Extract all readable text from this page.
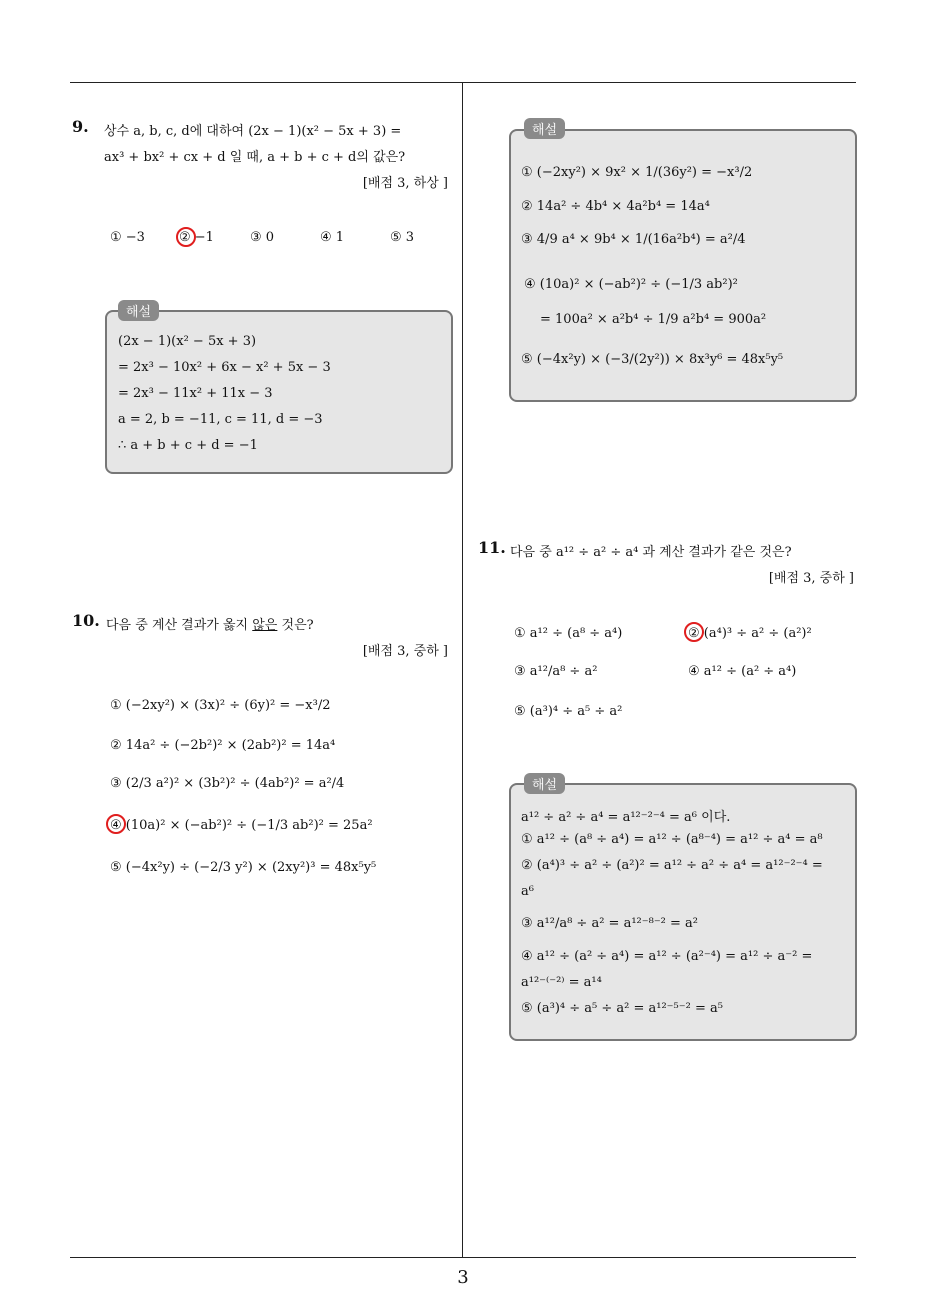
9. 상수 a, b, c, d에 대하여 (2x − 1)(x² − 5x + 3) =
ax³ + bx² + cx + d 일 때, a + b + c + d의 값은?
[배점 3, 하상 ]
① −3	② −1	③ 0	④ 1	⑤ 3
해설
(2x − 1)(x² − 5x + 3)
= 2x³ − 10x² + 6x − x² + 5x − 3
= 2x³ − 11x² + 11x − 3
a = 2, b = −11, c = 11, d = −3
∴ a + b + c + d = −1
10. 다음 중 계산 결과가 옳지 않은 것은?
[배점 3, 중하 ]
① (−2xy²) × (3x)² ÷ (6y)² = −x³/2
② 14a² ÷ (−2b²)² × (2ab²)² = 14a⁴
③ (2/3 a²)² × (3b²)² ÷ (4ab²)² = a²/4
④ (10a)² × (−ab²)² ÷ (−1/3 ab²)² = 25a²
⑤ (−4x²y) ÷ (−2/3 y²) × (2xy²)³ = 48x⁵y⁵
해설
① (−2xy²) × 9x² × 1/(36y²) = −x³/2
② 14a² ÷ 4b⁴ × 4a²b⁴ = 14a⁴
③ 4/9 a⁴ × 9b⁴ × 1/(16a²b⁴) = a²/4
④ (10a)² × (−ab²)² ÷ (−1/3 ab²)²
= 100a² × a²b⁴ ÷ 1/9 a²b⁴ = 900a²
⑤ (−4x²y) × (−3/(2y²)) × 8x³y⁶ = 48x⁵y⁵
11. 다음 중 a¹² ÷ a² ÷ a⁴ 과 계산 결과가 같은 것은?
[배점 3, 중하 ]
① a¹² ÷ (a⁸ ÷ a⁴)	② (a⁴)³ ÷ a² ÷ (a²)²
③ a¹²/a⁸ ÷ a²	④ a¹² ÷ (a² ÷ a⁴)
⑤ (a³)⁴ ÷ a⁵ ÷ a²
해설
a¹² ÷ a² ÷ a⁴ = a¹²⁻²⁻⁴ = a⁶ 이다.
① a¹² ÷ (a⁸ ÷ a⁴) = a¹² ÷ (a⁸⁻⁴) = a¹² ÷ a⁴ = a⁸
② (a⁴)³ ÷ a² ÷ (a²)² = a¹² ÷ a² ÷ a⁴ = a¹²⁻²⁻⁴ =
a⁶
③ a¹²/a⁸ ÷ a² = a¹²⁻⁸⁻² = a²
④ a¹² ÷ (a² ÷ a⁴) = a¹² ÷ (a²⁻⁴) = a¹² ÷ a⁻² =
a¹²⁻⁽⁻²⁾ = a¹⁴
⑤ (a³)⁴ ÷ a⁵ ÷ a² = a¹²⁻⁵⁻² = a⁵
3
